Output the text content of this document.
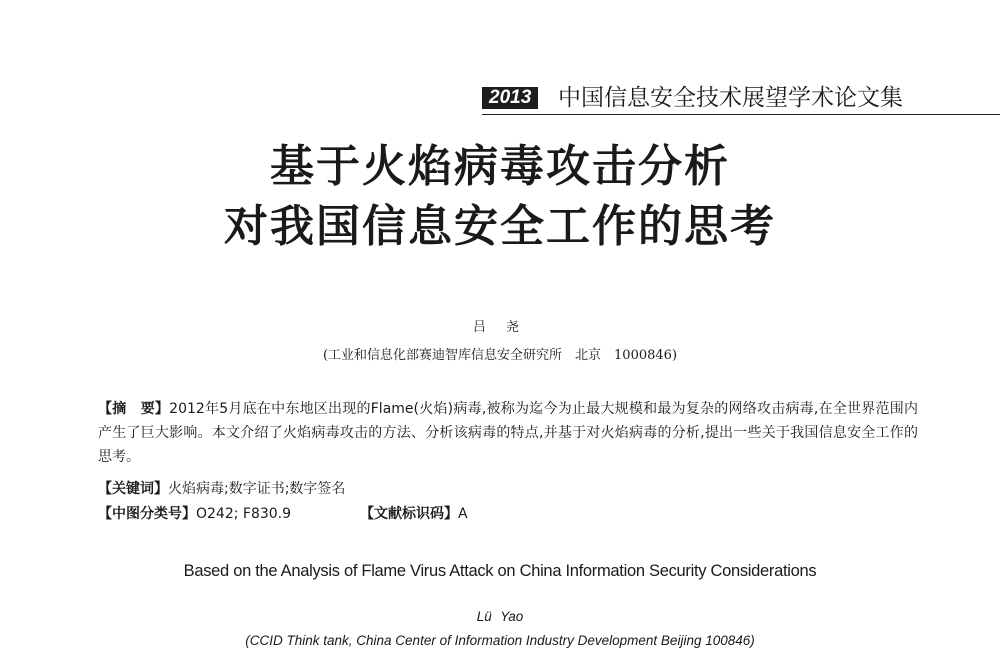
2013	中国信息安全技术展望学术论文集
基于火焰病毒攻击分析
对我国信息安全工作的思考
吕 尧
(工业和信息化部赛迪智库信息安全研究所　北京　1000846)
【摘　要】2012年5月底在中东地区出现的Flame(火焰)病毒,被称为迄今为止最大规模和最为复杂的网络攻击病毒,在全世界范围内产生了巨大影响。本文介绍了火焰病毒攻击的方法、分析该病毒的特点,并基于对火焰病毒的分析,提出一些关于我国信息安全工作的思考。
【关键词】火焰病毒;数字证书;数字签名
【中图分类号】O242; F830.9	【文献标识码】A
Based on the Analysis of Flame Virus Attack on China Information Security Considerations
Lü Yao
(CCID Think tank, China Center of Information Industry Development Beijing 100846)
